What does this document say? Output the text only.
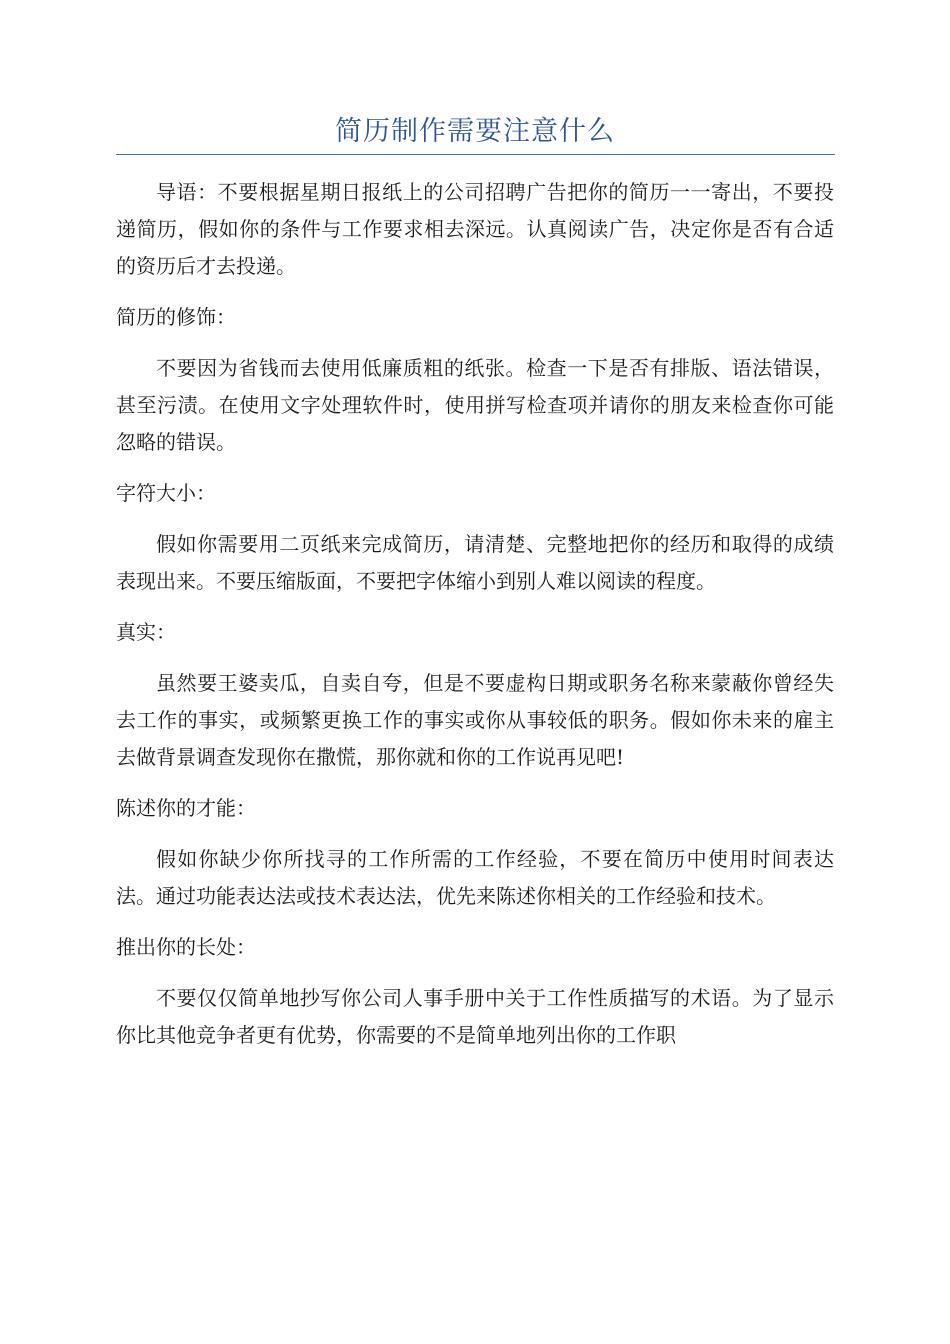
简历制作需要注意什么

导语：不要根据星期日报纸上的公司招聘广告把你的简历一一寄出，不要投递简历，假如你的条件与工作要求相去深远。认真阅读广告，决定你是否有合适的资历后才去投递。

简历的修饰：

不要因为省钱而去使用低廉质粗的纸张。检查一下是否有排版、语法错误，甚至污渍。在使用文字处理软件时，使用拼写检查项并请你的朋友来检查你可能忽略的错误。

字符大小：

假如你需要用二页纸来完成简历，请清楚、完整地把你的经历和取得的成绩表现出来。不要压缩版面，不要把字体缩小到别人难以阅读的程度。

真实：

虽然要王婆卖瓜，自卖自夸，但是不要虚构日期或职务名称来蒙蔽你曾经失去工作的事实，或频繁更换工作的事实或你从事较低的职务。假如你未来的雇主去做背景调查发现你在撒慌，那你就和你的工作说再见吧!

陈述你的才能：

假如你缺少你所找寻的工作所需的工作经验，不要在简历中使用时间表达法。通过功能表达法或技术表达法，优先来陈述你相关的工作经验和技术。

推出你的长处：

不要仅仅简单地抄写你公司人事手册中关于工作性质描写的术语。为了显示你比其他竞争者更有优势，你需要的不是简单地列出你的工作职
